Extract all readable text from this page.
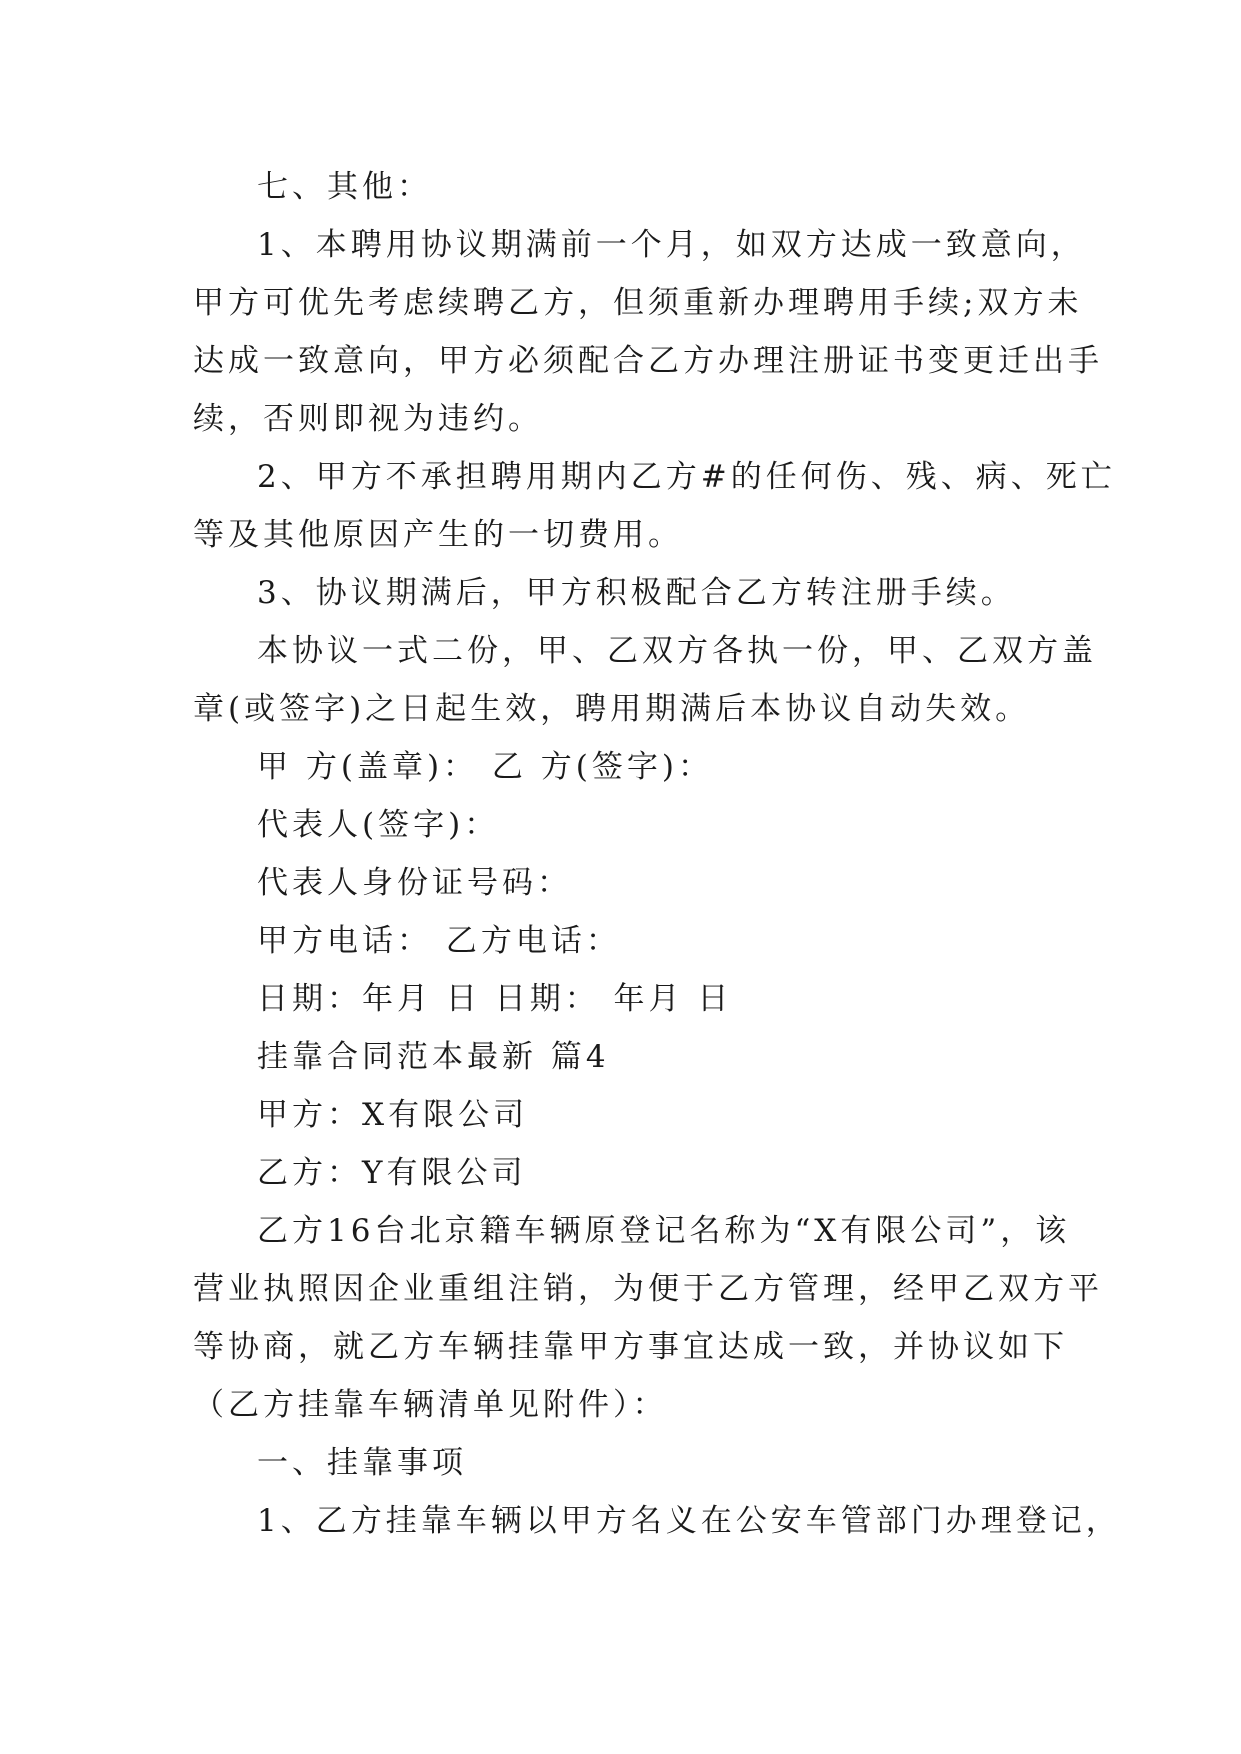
七、其他：

1、本聘用协议期满前一个月，如双方达成一致意向，
甲方可优先考虑续聘乙方，但须重新办理聘用手续;双方未
达成一致意向，甲方必须配合乙方办理注册证书变更迁出手
续，否则即视为违约。

2、甲方不承担聘用期内乙方#的任何伤、残、病、死亡
等及其他原因产生的一切费用。

3、协议期满后，甲方积极配合乙方转注册手续。

本协议一式二份，甲、乙双方各执一份，甲、乙双方盖
章(或签字)之日起生效，聘用期满后本协议自动失效。

甲 方(盖章)： 乙 方(签字)：
代表人(签字)：
代表人身份证号码：
甲方电话： 乙方电话：
日期：年月 日 日期： 年月 日

挂靠合同范本最新 篇4

甲方：X有限公司
乙方：Y有限公司

乙方16台北京籍车辆原登记名称为“X有限公司”，该
营业执照因企业重组注销，为便于乙方管理，经甲乙双方平
等协商，就乙方车辆挂靠甲方事宜达成一致，并协议如下
（乙方挂靠车辆清单见附件）：

一、挂靠事项

1、乙方挂靠车辆以甲方名义在公安车管部门办理登记，
